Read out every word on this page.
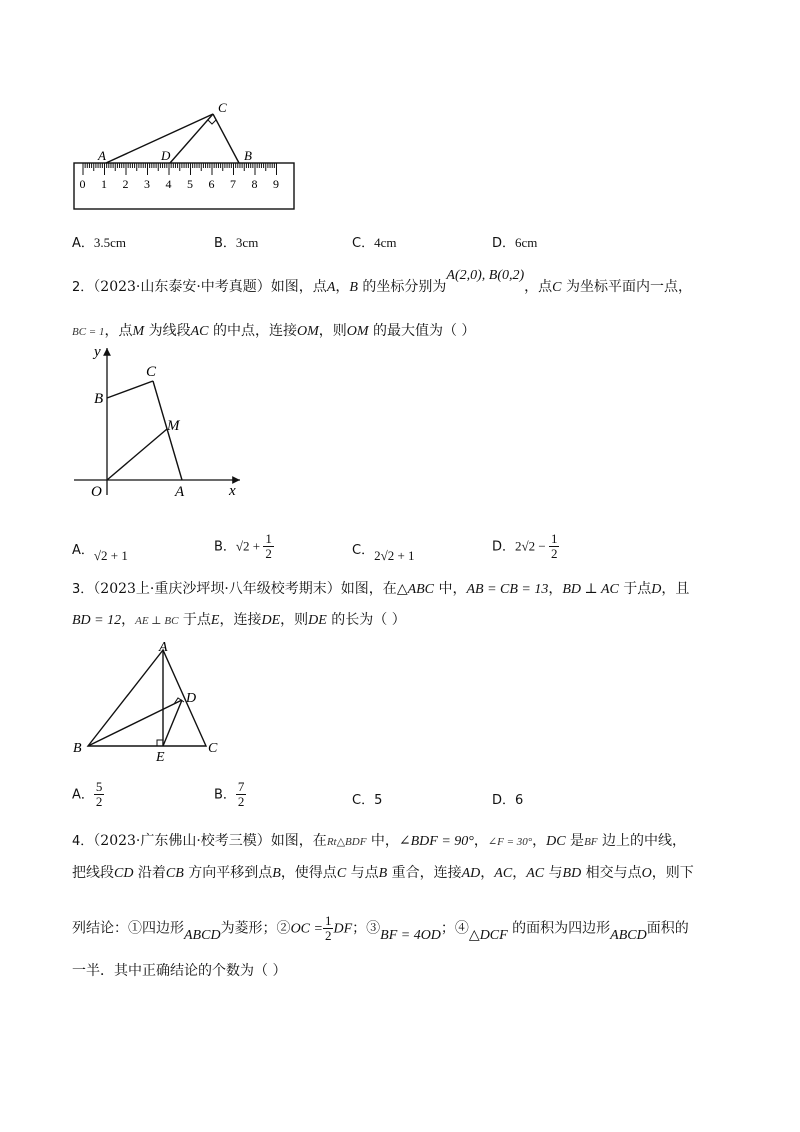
C
A	D	B
0 1 2 3 4 5 6 7 8 9
A．3.5cm	B．3cm	C．4cm	D．6cm
2．（2023·山东泰安·中考真题）如图，点A，B 的坐标分别为A(2,0), B(0,2)，点C 为坐标平面内一点，
BC = 1，点M 为线段AC 的中点，连接OM，则OM 的最大值为（ ）
y
x
O	A
B
C
M
A．√2 + 1
B．$√2 + \frac{1}{2}$	C．2√2 + 1
D．$2√2 - \frac{1}{2}$
3．（2023上·重庆沙坪坝·八年级校考期末）如图，在△ABC 中，AB = CB = 13，BD ⊥ AC 于点D，且
BD = 12，AE ⊥ BC 于点E，连接DE，则DE 的长为（ ）
A
B	C
D
E
A． $\frac{5}{2}$	B． $\frac{7}{2}$	C．5	D．6
4．（2023·广东佛山·校考三模）如图，在Rt△BDF 中，∠BDF = 90°，∠F = 30°，DC 是BF 边上的中线，
把线段CD 沿着CB 方向平移到点B，使得点C 与点B 重合，连接AD，AC，AC 与BD 相交与点O，则下
列结论：①四边形ABCD为菱形；②OC = $\frac{1}{2}$ DF；③BF = 4OD；④△DCF 的面积为四边形ABCD面积的
一半．其中正确结论的个数为（ ）
